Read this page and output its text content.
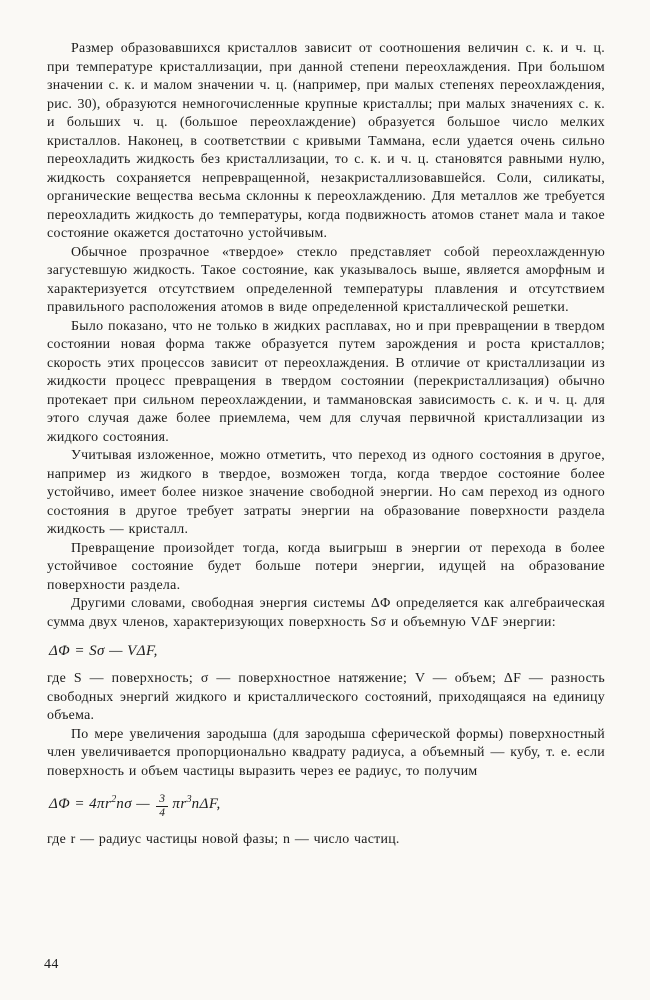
Размер образовавшихся кристаллов зависит от соотношения величин с. к. и ч. ц. при температуре кристаллизации, при данной степени переохлаждения. При большом значении с. к. и малом значении ч. ц. (например, при малых степенях переохлаждения, рис. 30), образуются немногочисленные крупные кристаллы; при малых значениях с. к. и больших ч. ц. (большое переохлаждение) образуется большое число мелких кристаллов. Наконец, в соответствии с кривыми Таммана, если удается очень сильно переохладить жидкость без кристаллизации, то с. к. и ч. ц. становятся равными нулю, жидкость сохраняется непревращенной, незакристаллизовавшейся. Соли, силикаты, органические вещества весьма склонны к переохлаждению. Для металлов же требуется переохладить жидкость до температуры, когда подвижность атомов станет мала и такое состояние окажется достаточно устойчивым.

Обычное прозрачное «твердое» стекло представляет собой переохлажденную загустевшую жидкость. Такое состояние, как указывалось выше, является аморфным и характеризуется отсутствием определенной температуры плавления и отсутствием правильного расположения атомов в виде определенной кристаллической решетки.

Было показано, что не только в жидких расплавах, но и при превращении в твердом состоянии новая форма также образуется путем зарождения и роста кристаллов; скорость этих процессов зависит от переохлаждения. В отличие от кристаллизации из жидкости процесс превращения в твердом состоянии (перекристаллизация) обычно протекает при сильном переохлаждении, и таммановская зависимость с. к. и ч. ц. для этого случая даже более приемлема, чем для случая первичной кристаллизации из жидкого состояния.

Учитывая изложенное, можно отметить, что переход из одного состояния в другое, например из жидкого в твердое, возможен тогда, когда твердое состояние более устойчиво, имеет более низкое значение свободной энергии. Но сам переход из одного состояния в другое требует затраты энергии на образование поверхности раздела жидкость — кристалл.

Превращение произойдет тогда, когда выигрыш в энергии от перехода в более устойчивое состояние будет больше потери энергии, идущей на образование поверхности раздела.

Другими словами, свободная энергия системы ΔΦ определяется как алгебраическая сумма двух членов, характеризующих поверхность Sσ и объемную VΔF энергии:

ΔΦ = Sσ — VΔF,

где S — поверхность; σ — поверхностное натяжение; V — объем; ΔF — разность свободных энергий жидкого и кристаллического состояний, приходящаяся на единицу объема.

По мере увеличения зародыша (для зародыша сферической формы) поверхностный член увеличивается пропорционально квадрату радиуса, а объемный — кубу, т. е. если поверхность и объем частицы выразить через ее радиус, то получим

$\Delta\Phi = 4\pi r^2n\sigma$ — $\frac{3}{4} \pi r^3n\Delta F$,

где r — радиус частицы новой фазы; n — число частиц.

44
